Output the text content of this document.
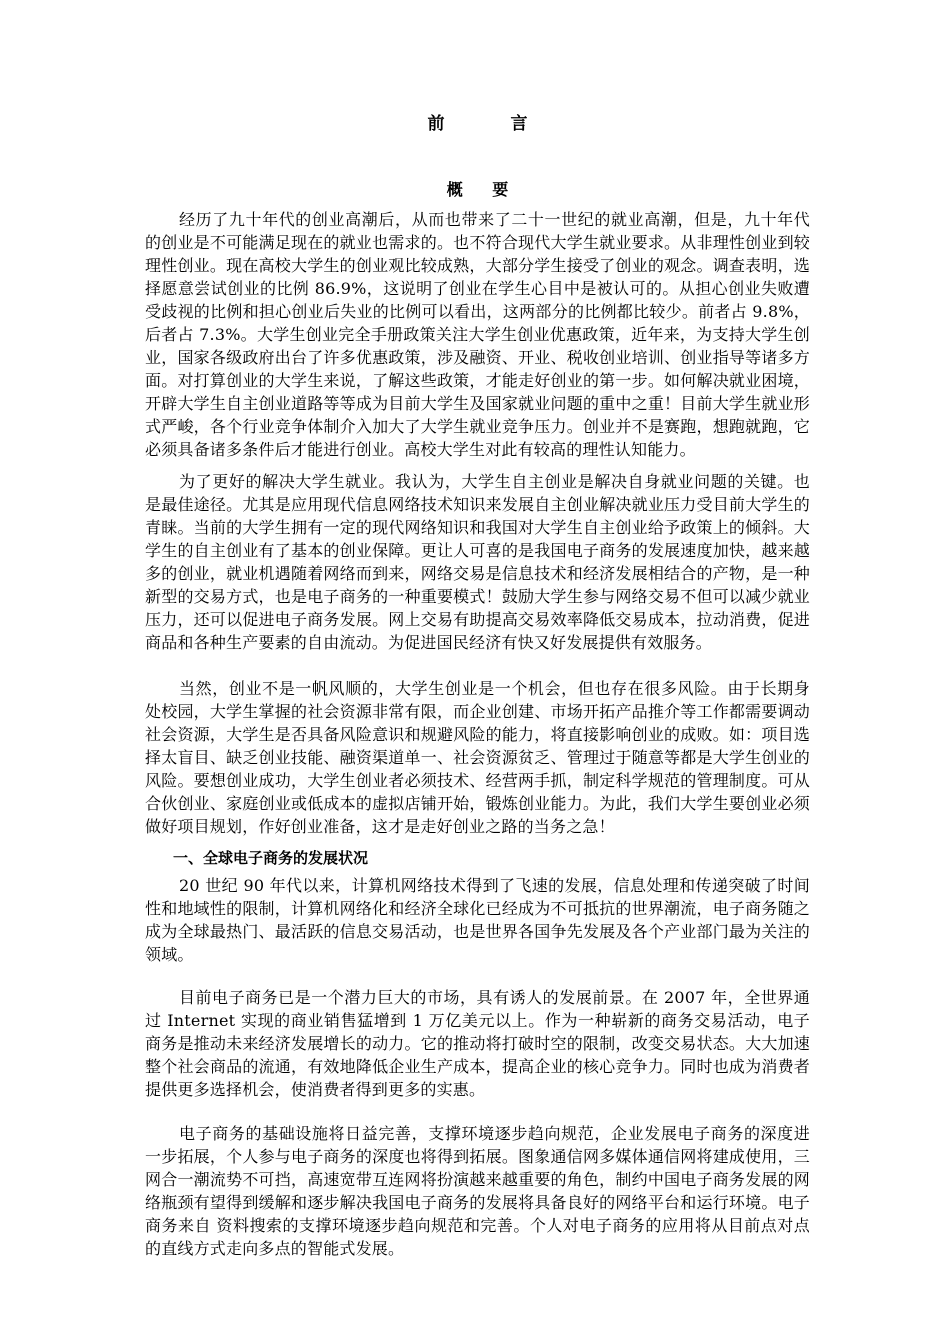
前 言
概 要

经历了九十年代的创业高潮后，从而也带来了二十一世纪的就业高潮，但是，九十年代的创业是不可能满足现在的就业也需求的。也不符合现代大学生就业要求。从非理性创业到较理性创业。现在高校大学生的创业观比较成熟，大部分学生接受了创业的观念。调查表明，选择愿意尝试创业的比例 86.9%，这说明了创业在学生心目中是被认可的。从担心创业失败遭受歧视的比例和担心创业后失业的比例可以看出，这两部分的比例都比较少。前者占 9.8%，后者占 7.3%。大学生创业完全手册政策关注大学生创业优惠政策，近年来，为支持大学生创业，国家各级政府出台了许多优惠政策，涉及融资、开业、税收创业培训、创业指导等诸多方面。对打算创业的大学生来说，了解这些政策，才能走好创业的第一步。如何解决就业困境，开辟大学生自主创业道路等等成为目前大学生及国家就业问题的重中之重！目前大学生就业形式严峻，各个行业竞争体制介入加大了大学生就业竞争压力。创业并不是赛跑，想跑就跑，它必须具备诸多条件后才能进行创业。高校大学生对此有较高的理性认知能力。

为了更好的解决大学生就业。我认为，大学生自主创业是解决自身就业问题的关键。也是最佳途径。尤其是应用现代信息网络技术知识来发展自主创业解决就业压力受目前大学生的青睐。当前的大学生拥有一定的现代网络知识和我国对大学生自主创业给予政策上的倾斜。大学生的自主创业有了基本的创业保障。更让人可喜的是我国电子商务的发展速度加快，越来越多的创业，就业机遇随着网络而到来，网络交易是信息技术和经济发展相结合的产物，是一种新型的交易方式，也是电子商务的一种重要模式！鼓励大学生参与网络交易不但可以减少就业压力，还可以促进电子商务发展。网上交易有助提高交易效率降低交易成本，拉动消费，促进商品和各种生产要素的自由流动。为促进国民经济有快又好发展提供有效服务。

当然，创业不是一帆风顺的，大学生创业是一个机会，但也存在很多风险。由于长期身处校园，大学生掌握的社会资源非常有限，而企业创建、市场开拓产品推介等工作都需要调动社会资源，大学生是否具备风险意识和规避风险的能力，将直接影响创业的成败。如：项目选择太盲目、缺乏创业技能、融资渠道单一、社会资源贫乏、管理过于随意等都是大学生创业的风险。要想创业成功，大学生创业者必须技术、经营两手抓，制定科学规范的管理制度。可从合伙创业、家庭创业或低成本的虚拟店铺开始，锻炼创业能力。为此，我们大学生要创业必须做好项目规划，作好创业准备，这才是走好创业之路的当务之急！

一、全球电子商务的发展状况

20 世纪 90 年代以来，计算机网络技术得到了飞速的发展，信息处理和传递突破了时间性和地域性的限制，计算机网络化和经济全球化已经成为不可抵抗的世界潮流，电子商务随之成为全球最热门、最活跃的信息交易活动，也是世界各国争先发展及各个产业部门最为关注的领域。

目前电子商务已是一个潜力巨大的市场，具有诱人的发展前景。在 2007 年，全世界通过 Internet 实现的商业销售猛增到 1 万亿美元以上。作为一种崭新的商务交易活动，电子商务是推动未来经济发展增长的动力。它的推动将打破时空的限制，改变交易状态。大大加速整个社会商品的流通，有效地降低企业生产成本，提高企业的核心竞争力。同时也成为消费者提供更多选择机会，使消费者得到更多的实惠。

电子商务的基础设施将日益完善，支撑环境逐步趋向规范，企业发展电子商务的深度进一步拓展，个人参与电子商务的深度也将得到拓展。图象通信网多媒体通信网将建成使用，三网合一潮流势不可挡，高速宽带互连网将扮演越来越重要的角色，制约中国电子商务发展的网络瓶颈有望得到缓解和逐步解决我国电子商务的发展将具备良好的网络平台和运行环境。电子商务来自 资料搜索的支撑环境逐步趋向规范和完善。个人对电子商务的应用将从目前点对点的直线方式走向多点的智能式发展。
